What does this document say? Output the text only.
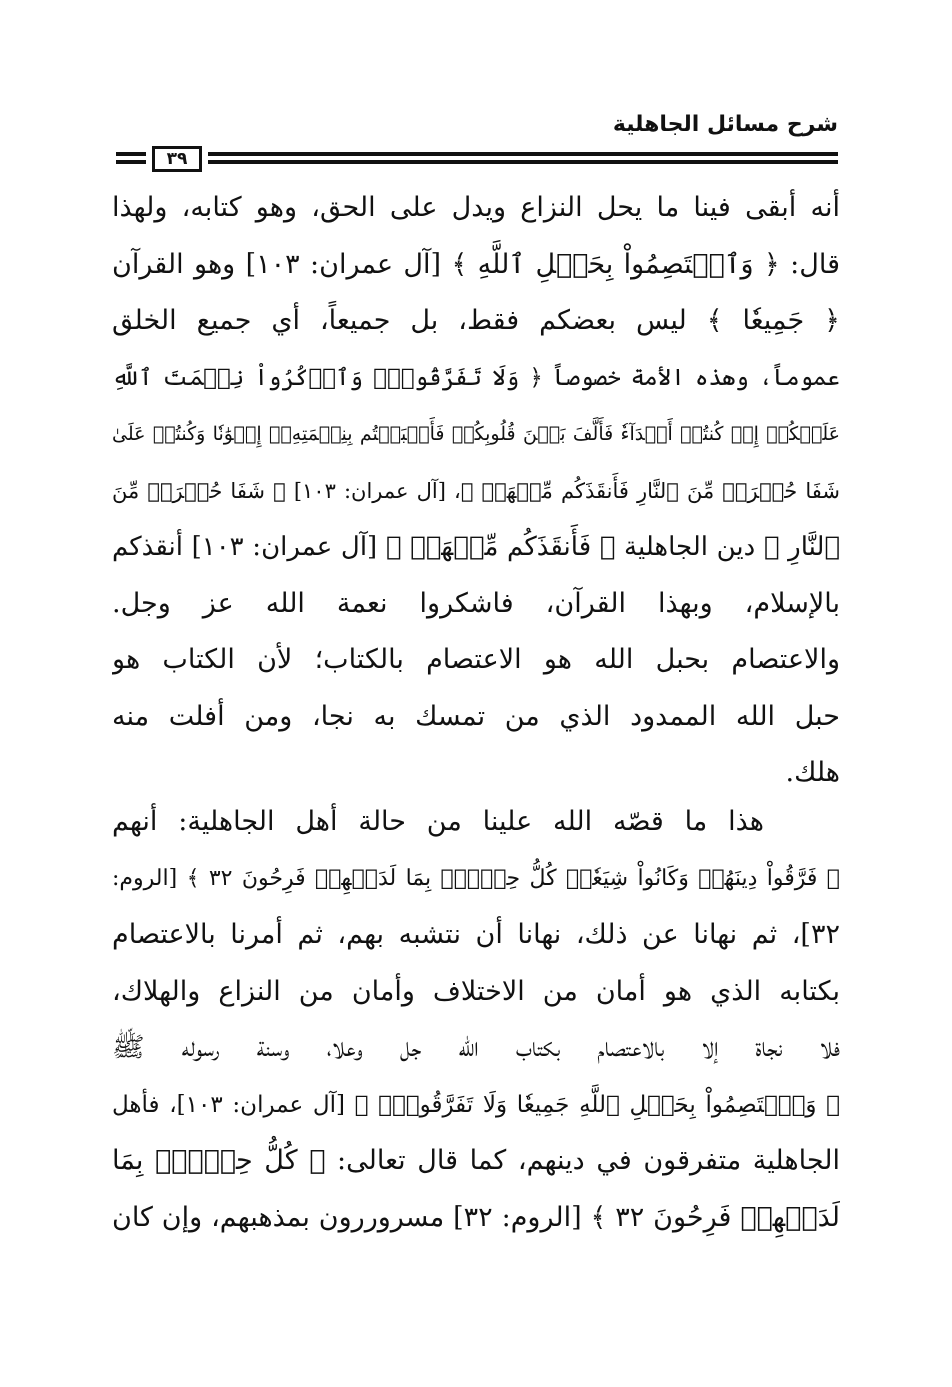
شرح مسائل الجاهلية
٣٩
أنه أبقى فينا ما يحل النزاع ويدل على الحق، وهو كتابه، ولهذا
قال: ﴿ وَٱعۡتَصِمُواْ بِحَبۡلِ ٱللَّهِ ﴾ [آل عمران: ١٠٣] وهو القرآن
﴿ جَمِيعٗا ﴾ ليس بعضكم فقط، بل جميعاً، أي جميع الخلق
عموماً، وهذه الأمة خصوصاً ﴿ وَلَا تَفَرَّقُواْۚ وَٱذۡكُرُواْ نِعۡمَتَ ٱللَّهِ
عَلَيۡكُمۡ إِذۡ كُنتُمۡ أَعۡدَآءٗ فَأَلَّفَ بَيۡنَ قُلُوبِكُمۡ فَأَصۡبَحۡتُم بِنِعۡمَتِهِۦٓ إِخۡوَٰنٗا وَكُنتُمۡ عَلَىٰ
شَفَا حُفۡرَةٖ مِّنَ ٱلنَّارِ فَأَنقَذَكُم مِّنۡهَاۗ ﴾، [آل عمران: ١٠٣] ﴿ شَفَا حُفۡرَةٖ مِّنَ
ٱلنَّارِ ﴾ دين الجاهلية ﴿ فَأَنقَذَكُم مِّنۡهَاۗ ﴾ [آل عمران: ١٠٣] أنقذكم
بالإسلام، وبهذا القرآن، فاشكروا نعمة الله عز وجل.
والاعتصام بحبل الله هو الاعتصام بالكتاب؛ لأن الكتاب هو
حبل الله الممدود الذي من تمسك به نجا، ومن أفلت منه
هلك.
هذا ما قصّه الله علينا من حالة أهل الجاهلية: أنهم
﴿ فَرَّقُواْ دِينَهُمۡ وَكَانُواْ شِيَعٗاۖ كُلُّ حِزۡبِۭ بِمَا لَدَيۡهِمۡ فَرِحُونَ ٣٢ ﴾ [الروم:
٣٢]، ثم نهانا عن ذلك، نهانا أن نتشبه بهم، ثم أمرنا بالاعتصام
بكتابه الذي هو أمان من الاختلاف وأمان من النزاع والهلاك،
فلا نجاة إلا بالاعتصام بكتاب الله جل وعلا، وسنة رسوله ﷺ
﴿ وَٱعۡتَصِمُواْ بِحَبۡلِ ٱللَّهِ جَمِيعٗا وَلَا تَفَرَّقُواْۚ ﴾ [آل عمران: ١٠٣]، فأهل
الجاهلية متفرقون في دينهم، كما قال تعالى: ﴿ كُلُّ حِزۡبِۭ بِمَا
لَدَيۡهِمۡ فَرِحُونَ ٣٢ ﴾ [الروم: ٣٢] مسروررون بمذهبهم، وإن كان
